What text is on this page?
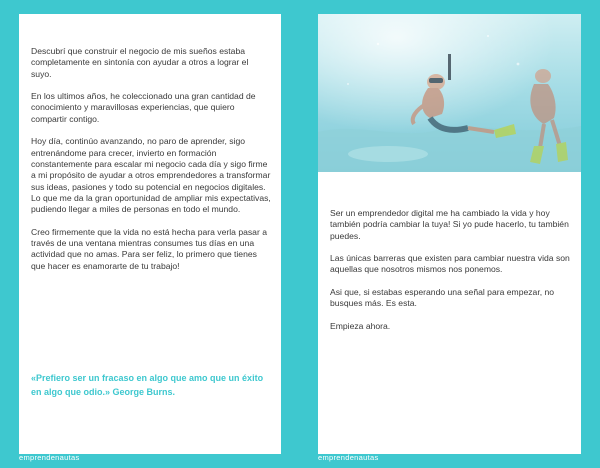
Descubrí que construir el negocio de mis sueños estaba completamente en sintonía con ayudar a otros a lograr el suyo.

En los ultimos años, he coleccionado una gran cantidad de conocimiento y maravillosas experiencias, que quiero compartir contigo.

Hoy día, continúo avanzando, no paro de aprender, sigo entrenándome para crecer, invierto en formación constantemente para escalar mi negocio cada día y sigo firme a mi propósito de ayudar a otros emprendedores a transformar sus ideas, pasiones y todo su potencial en negocios digitales. Lo que me da la gran oportunidad de ampliar mis expectativas, pudiendo llegar a miles de personas en todo el mundo.

Creo firmemente que la vida no está hecha para verla pasar a través de una ventana mientras consumes tus días en una actividad que no amas. Para ser feliz, lo primero que tienes que hacer es enamorarte de tu trabajo!

«Prefiero ser un fracaso en algo que amo que un éxito en algo que odio.» George Burns.

Ser un emprendedor digital me ha cambiado la vida y hoy también podría cambiar la tuya! Si yo pude hacerlo, tu también puedes.

Las únicas barreras que existen para cambiar nuestra vida son aquellas que nosotros mismos nos ponemos.

Asi que, si estabas esperando una señal para empezar, no busques más. Es esta.

Empieza ahora.

emprendenautas	emprendenautas
